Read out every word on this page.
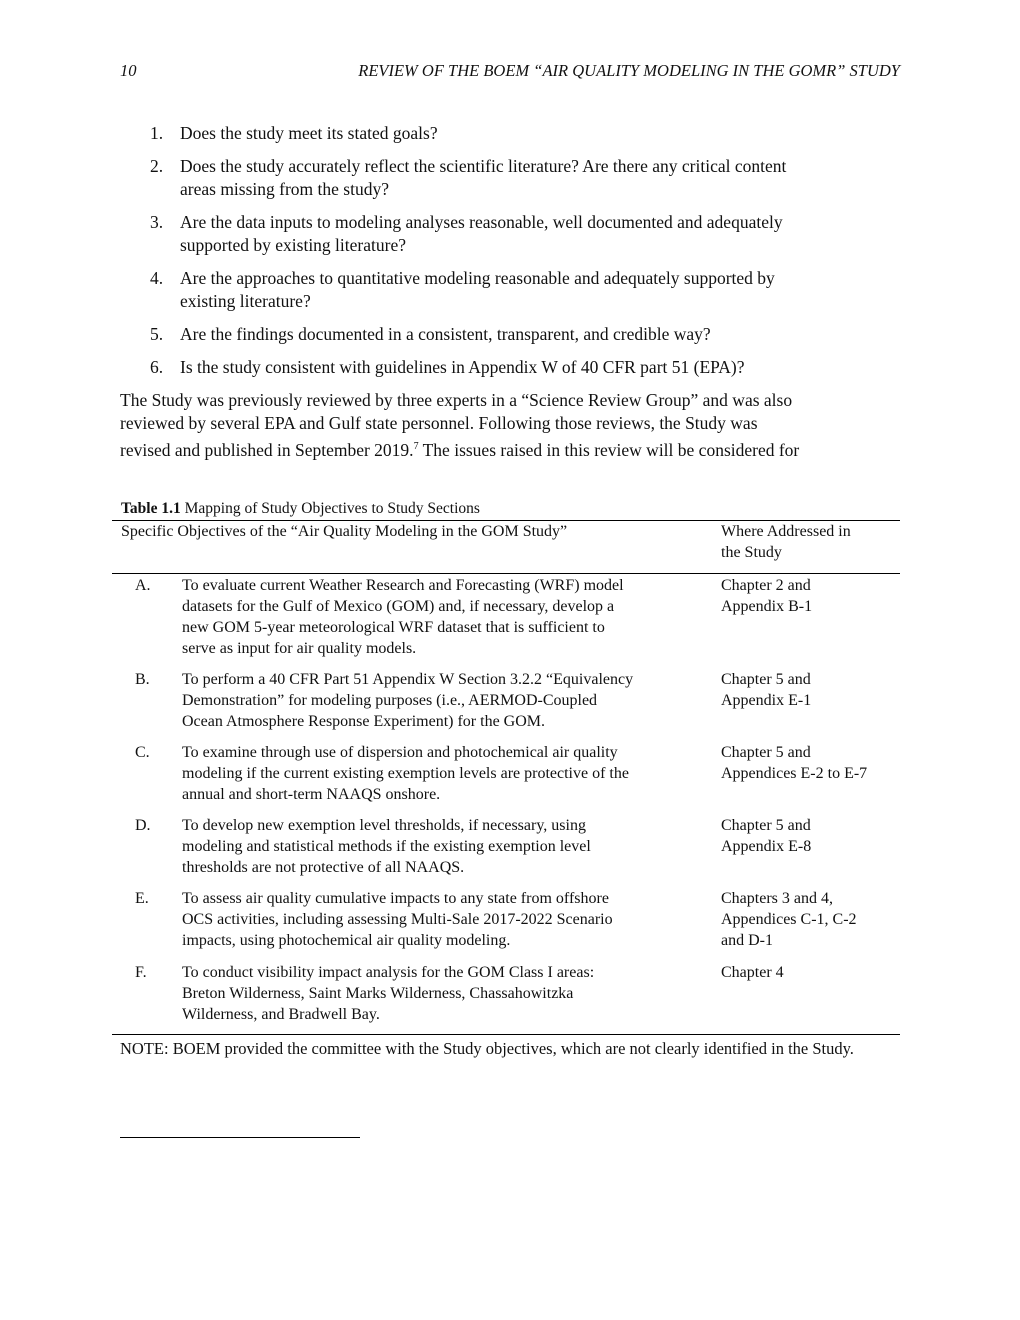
10	REVIEW OF THE BOEM “AIR QUALITY MODELING IN THE GOMR” STUDY
1. Does the study meet its stated goals?
2. Does the study accurately reflect the scientific literature? Are there any critical content
areas missing from the study?
3. Are the data inputs to modeling analyses reasonable, well documented and adequately
supported by existing literature?
4. Are the approaches to quantitative modeling reasonable and adequately supported by
existing literature?
5. Are the findings documented in a consistent, transparent, and credible way?
6. Is the study consistent with guidelines in Appendix W of 40 CFR part 51 (EPA)?
The Study was previously reviewed by three experts in a “Science Review Group” and was also
reviewed by several EPA and Gulf state personnel. Following those reviews, the Study was
revised and published in September 2019.$^7$ The issues raised in this review will be considered for
Table 1.1 Mapping of Study Objectives to Study Sections
Specific Objectives of the “Air Quality Modeling in the GOM Study”	Where Addressed in
the Study
A. To evaluate current Weather Research and Forecasting (WRF) model
datasets for the Gulf of Mexico (GOM) and, if necessary, develop a
new GOM 5-year meteorological WRF dataset that is sufficient to
serve as input for air quality models.
Chapter 2 and
Appendix B-1
B. To perform a 40 CFR Part 51 Appendix W Section 3.2.2 “Equivalency
Demonstration” for modeling purposes (i.e., AERMOD-Coupled
Ocean Atmosphere Response Experiment) for the GOM.
Chapter 5 and
Appendix E-1
C. To examine through use of dispersion and photochemical air quality
modeling if the current existing exemption levels are protective of the
annual and short-term NAAQS onshore.
Chapter 5 and
Appendices E-2 to E-7
D. To develop new exemption level thresholds, if necessary, using
modeling and statistical methods if the existing exemption level
thresholds are not protective of all NAAQS.
Chapter 5 and
Appendix E-8
E. To assess air quality cumulative impacts to any state from offshore
OCS activities, including assessing Multi-Sale 2017-2022 Scenario
impacts, using photochemical air quality modeling.
Chapters 3 and 4,
Appendices C-1, C-2
and D-1
F. To conduct visibility impact analysis for the GOM Class I areas:
Breton Wilderness, Saint Marks Wilderness, Chassahowitzka
Wilderness, and Bradwell Bay.
Chapter 4
NOTE: BOEM provided the committee with the Study objectives, which are not clearly identified in the Study.
